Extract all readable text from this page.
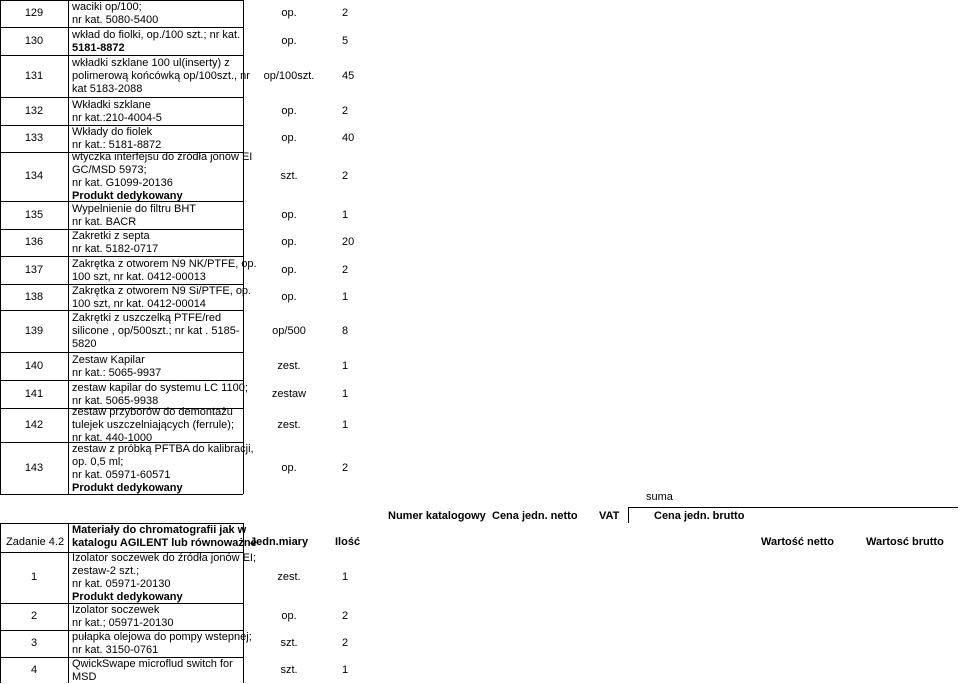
129	waciki op/100;
nr kat. 5080-5400
op.	2
130	wkład do fiolki, op./100 szt.; nr kat.
5181-8872
op.	5
131
wkładki szklane 100 ul(inserty) z
polimerową końcówką op/100szt., nr
kat 5183-2088
op/100szt.	45
132	Wkładki szklane
nr kat.:210-4004-5
op.	2
133	Wkłady do fiolek
nr kat.: 5181-8872
op.	40
134
wtyczka interfejsu do źródła jonów EI
GC/MSD 5973;
nr kat. G1099-20136
Produkt dedykowany
szt.	2
135	Wypelnienie do filtru BHT
nr kat. BACR
op.	1
136	Zakretki z septa
nr kat. 5182-0717
op.	20
137	Zakrętka z otworem N9 NK/PTFE, op.
100 szt, nr kat. 0412-00013
op.	2
138	Zakrętka z otworem N9 Si/PTFE, op.
100 szt, nr kat. 0412-00014
op.	1
139
Zakrętki z uszczelką PTFE/red
silicone , op/500szt.; nr kat . 5185-
5820
op/500	8
140	Zestaw Kapilar
nr kat.: 5065-9937
zest.	1
141	zestaw kapilar do systemu LC 1100;
nr kat. 5065-9938
zestaw	1
142
zestaw przyborów do demontażu
tulejek uszczelniających (ferrule);
nr kat. 440-1000
zest.	1
143
zestaw z próbką PFTBA do kalibracji,
op. 0,5 ml;
nr kat. 05971-60571
Produkt dedykowany
op.	2
suma
Zadanie 4.2
Materiały do chromatografii jak w
katalogu AGILENT lub równoważne
Jedn.miary Ilość
Numer katalogowy Cena jedn. netto VAT	Cena jedn. brutto
Wartość netto	Wartosć brutto
1
Izolator soczewek do źródła jonów EI;
zestaw-2 szt.;
nr kat. 05971-20130
Produkt dedykowany
zest.	1
2	Izolator soczewek
nr kat.; 05971-20130
op.	2
3	pułapka olejowa do pompy wstepnej;
nr kat. 3150-0761
szt.	2
4	QwickSwape microflud switch for
MSD
szt.	1
